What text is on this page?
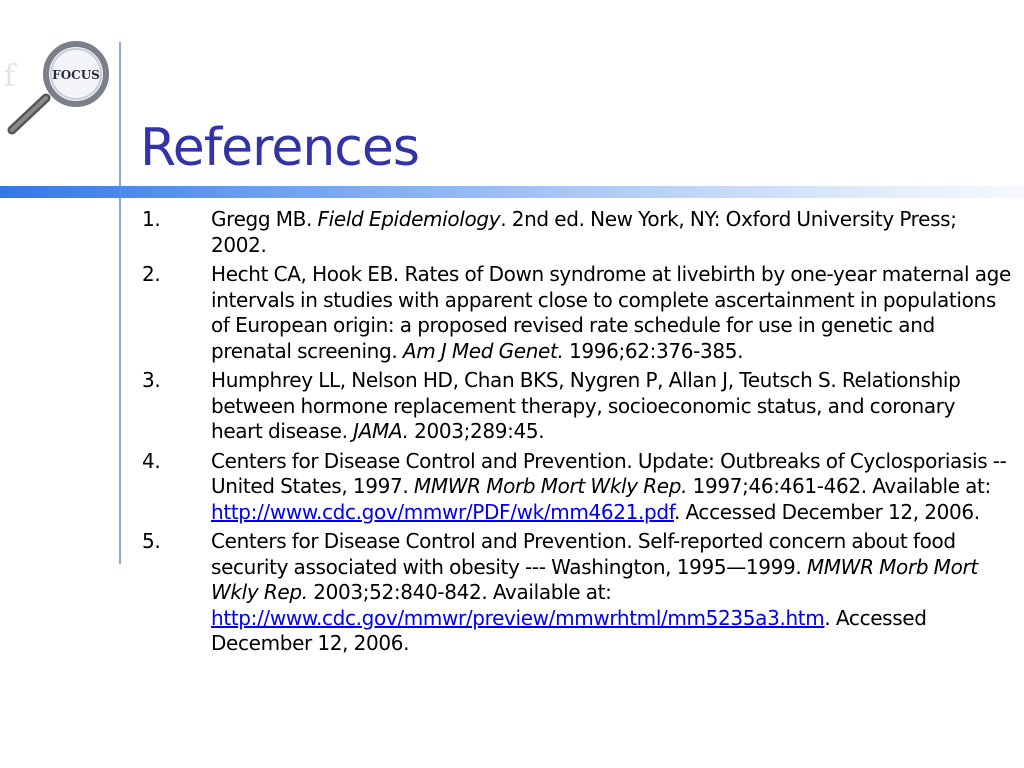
f	FOCUS
References
1.	Gregg MB. Field Epidemiology. 2nd ed. New York, NY: Oxford University Press; 2002.
2.	Hecht CA, Hook EB. Rates of Down syndrome at livebirth by one-year maternal age intervals in studies with apparent close to complete ascertainment in populations of European origin: a proposed revised rate schedule for use in genetic and prenatal screening. Am J Med Genet. 1996;62:376-385.
3.	Humphrey LL, Nelson HD, Chan BKS, Nygren P, Allan J, Teutsch S. Relationship between hormone replacement therapy, socioeconomic status, and coronary heart disease. JAMA. 2003;289:45.
4.	Centers for Disease Control and Prevention. Update: Outbreaks of Cyclosporiasis -- United States, 1997. MMWR Morb Mort Wkly Rep. 1997;46:461-462. Available at: http://www.cdc.gov/mmwr/PDF/wk/mm4621.pdf. Accessed December 12, 2006.
5.	Centers for Disease Control and Prevention. Self-reported concern about food security associated with obesity --- Washington, 1995—1999. MMWR Morb Mort Wkly Rep. 2003;52:840-842. Available at: http://www.cdc.gov/mmwr/preview/mmwrhtml/mm5235a3.htm. Accessed December 12, 2006.
